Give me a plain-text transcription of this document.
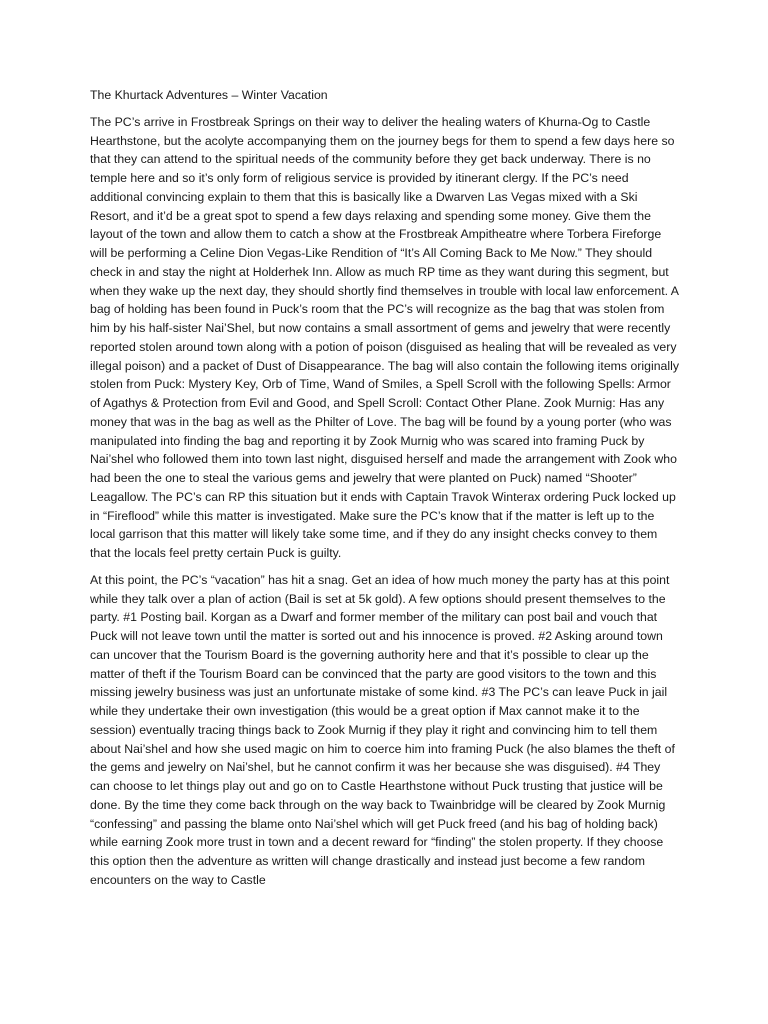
The Khurtack Adventures – Winter Vacation

The PC’s arrive in Frostbreak Springs on their way to deliver the healing waters of Khurna-Og to Castle Hearthstone, but the acolyte accompanying them on the journey begs for them to spend a few days here so that they can attend to the spiritual needs of the community before they get back underway. There is no temple here and so it’s only form of religious service is provided by itinerant clergy. If the PC’s need additional convincing explain to them that this is basically like a Dwarven Las Vegas mixed with a Ski Resort, and it’d be a great spot to spend a few days relaxing and spending some money. Give them the layout of the town and allow them to catch a show at the Frostbreak Ampitheatre where Torbera Fireforge will be performing a Celine Dion Vegas-Like Rendition of “It’s All Coming Back to Me Now.” They should check in and stay the night at Holderhek Inn. Allow as much RP time as they want during this segment, but when they wake up the next day, they should shortly find themselves in trouble with local law enforcement. A bag of holding has been found in Puck’s room that the PC’s will recognize as the bag that was stolen from him by his half-sister Nai’Shel, but now contains a small assortment of gems and jewelry that were recently reported stolen around town along with a potion of poison (disguised as healing that will be revealed as very illegal poison) and a packet of Dust of Disappearance. The bag will also contain the following items originally stolen from Puck: Mystery Key, Orb of Time, Wand of Smiles, a Spell Scroll with the following Spells: Armor of Agathys & Protection from Evil and Good, and Spell Scroll: Contact Other Plane. Zook Murnig: Has any money that was in the bag as well as the Philter of Love. The bag will be found by a young porter (who was manipulated into finding the bag and reporting it by Zook Murnig who was scared into framing Puck by Nai’shel who followed them into town last night, disguised herself and made the arrangement with Zook who had been the one to steal the various gems and jewelry that were planted on Puck) named “Shooter” Leagallow. The PC’s can RP this situation but it ends with Captain Travok Winterax ordering Puck locked up in “Fireflood” while this matter is investigated. Make sure the PC’s know that if the matter is left up to the local garrison that this matter will likely take some time, and if they do any insight checks convey to them that the locals feel pretty certain Puck is guilty.

At this point, the PC’s “vacation” has hit a snag. Get an idea of how much money the party has at this point while they talk over a plan of action (Bail is set at 5k gold). A few options should present themselves to the party. #1 Posting bail. Korgan as a Dwarf and former member of the military can post bail and vouch that Puck will not leave town until the matter is sorted out and his innocence is proved. #2 Asking around town can uncover that the Tourism Board is the governing authority here and that it’s possible to clear up the matter of theft if the Tourism Board can be convinced that the party are good visitors to the town and this missing jewelry business was just an unfortunate mistake of some kind. #3 The PC’s can leave Puck in jail while they undertake their own investigation (this would be a great option if Max cannot make it to the session) eventually tracing things back to Zook Murnig if they play it right and convincing him to tell them about Nai’shel and how she used magic on him to coerce him into framing Puck (he also blames the theft of the gems and jewelry on Nai’shel, but he cannot confirm it was her because she was disguised). #4 They can choose to let things play out and go on to Castle Hearthstone without Puck trusting that justice will be done. By the time they come back through on the way back to Twainbridge will be cleared by Zook Murnig “confessing” and passing the blame onto Nai’shel which will get Puck freed (and his bag of holding back) while earning Zook more trust in town and a decent reward for “finding” the stolen property. If they choose this option then the adventure as written will change drastically and instead just become a few random encounters on the way to Castle
